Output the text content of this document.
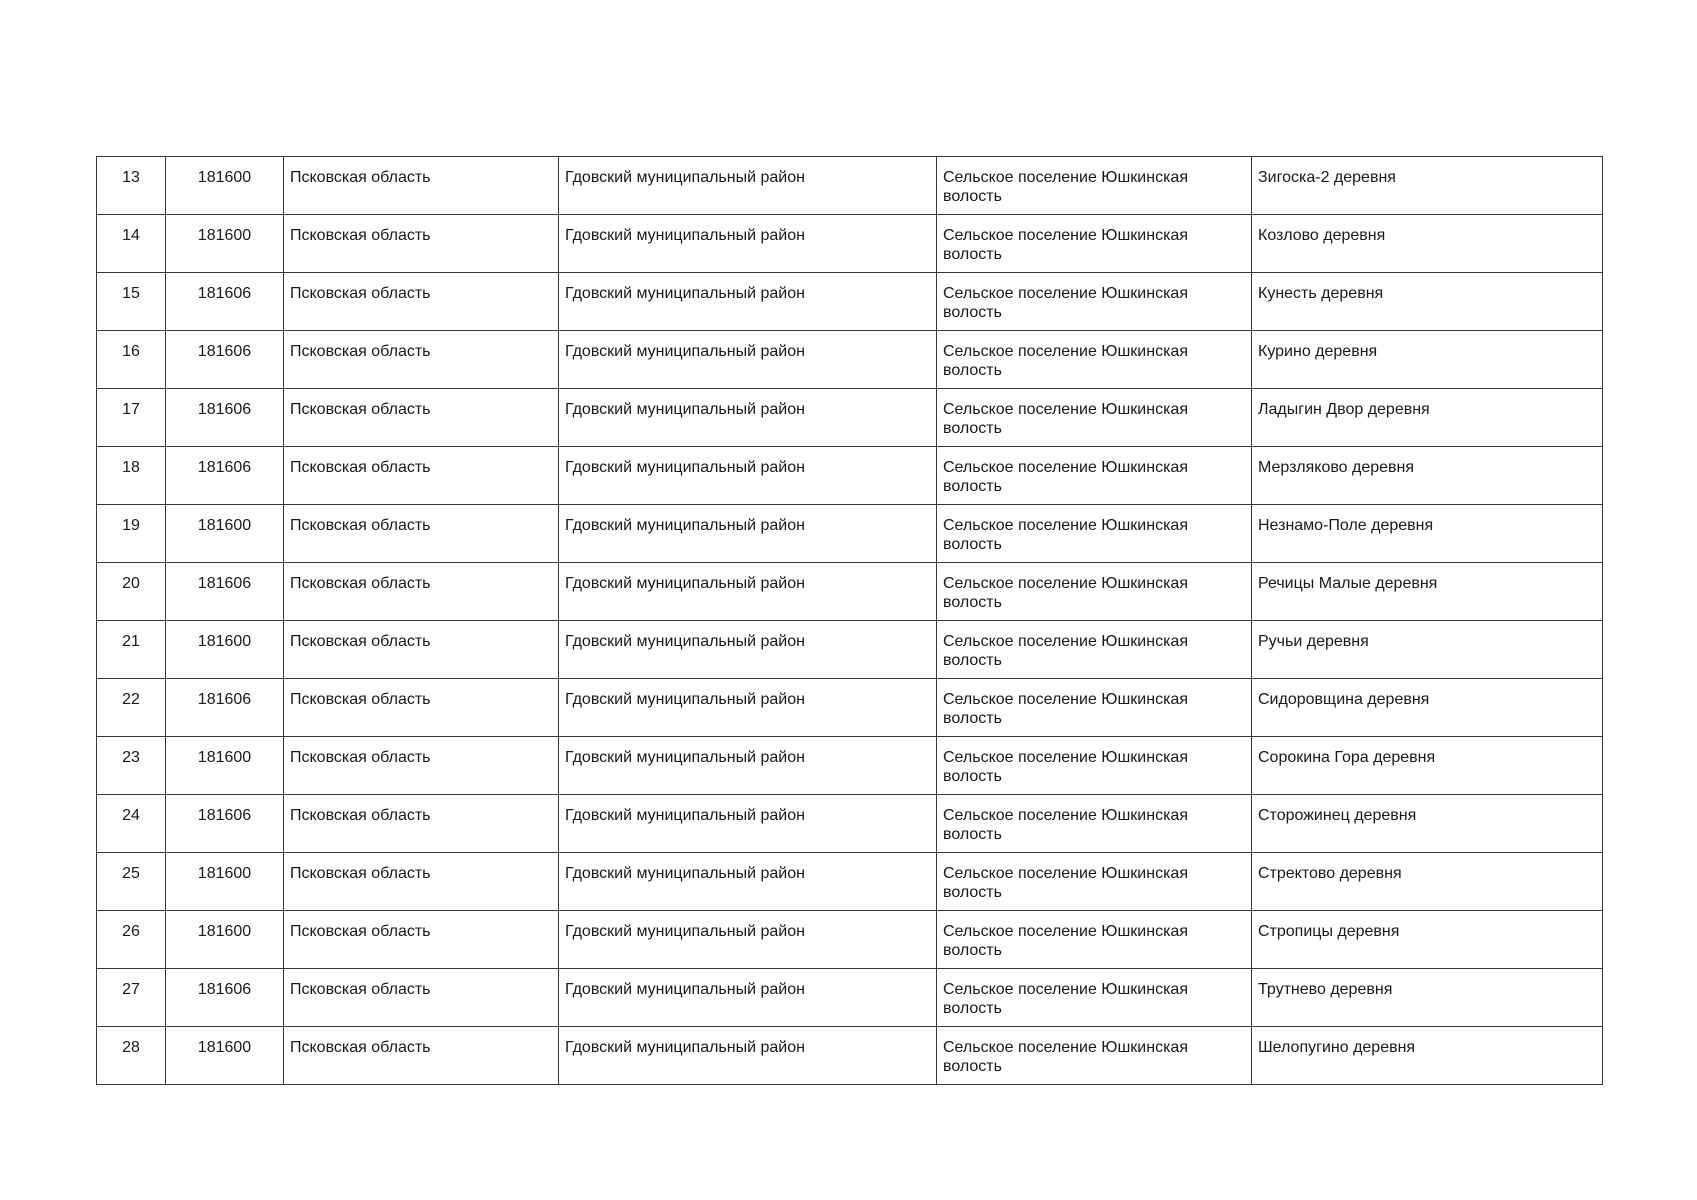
13	181600	Псковская область	Гдовский муниципальный район	Сельское поселение Юшкинская волость	Зигоска-2 деревня
14	181600	Псковская область	Гдовский муниципальный район	Сельское поселение Юшкинская волость	Козлово деревня
15	181606	Псковская область	Гдовский муниципальный район	Сельское поселение Юшкинская волость	Кунесть деревня
16	181606	Псковская область	Гдовский муниципальный район	Сельское поселение Юшкинская волость	Курино деревня
17	181606	Псковская область	Гдовский муниципальный район	Сельское поселение Юшкинская волость	Ладыгин Двор деревня
18	181606	Псковская область	Гдовский муниципальный район	Сельское поселение Юшкинская волость	Мерзляково деревня
19	181600	Псковская область	Гдовский муниципальный район	Сельское поселение Юшкинская волость	Незнамо-Поле деревня
20	181606	Псковская область	Гдовский муниципальный район	Сельское поселение Юшкинская волость	Речицы Малые деревня
21	181600	Псковская область	Гдовский муниципальный район	Сельское поселение Юшкинская волость	Ручьи деревня
22	181606	Псковская область	Гдовский муниципальный район	Сельское поселение Юшкинская волость	Сидоровщина деревня
23	181600	Псковская область	Гдовский муниципальный район	Сельское поселение Юшкинская волость	Сорокина Гора деревня
24	181606	Псковская область	Гдовский муниципальный район	Сельское поселение Юшкинская волость	Сторожинец деревня
25	181600	Псковская область	Гдовский муниципальный район	Сельское поселение Юшкинская волость	Стректово деревня
26	181600	Псковская область	Гдовский муниципальный район	Сельское поселение Юшкинская волость	Стропицы деревня
27	181606	Псковская область	Гдовский муниципальный район	Сельское поселение Юшкинская волость	Трутнево деревня
28	181600	Псковская область	Гдовский муниципальный район	Сельское поселение Юшкинская волость	Шелопугино деревня
